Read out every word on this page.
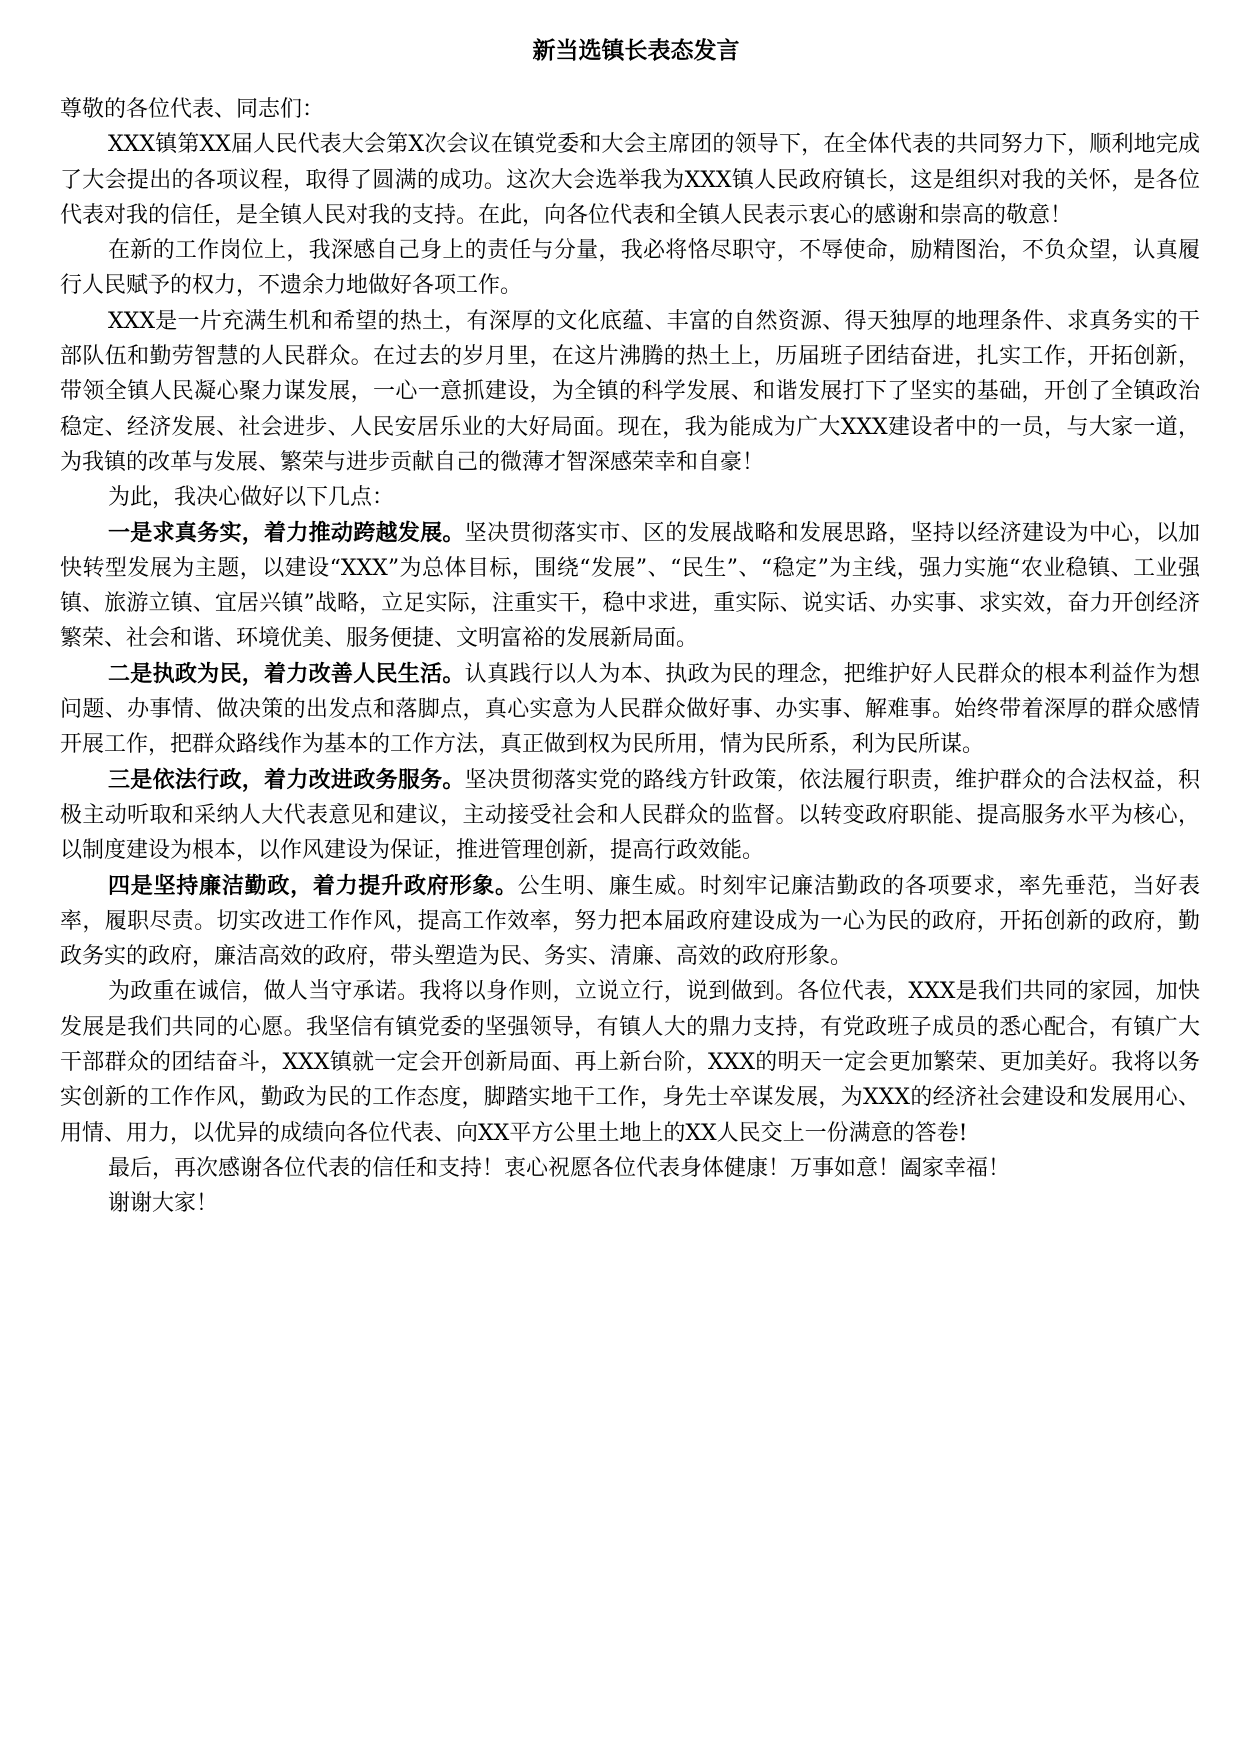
新当选镇长表态发言

尊敬的各位代表、同志们：

XXX镇第XX届人民代表大会第X次会议在镇党委和大会主席团的领导下，在全体代表的共同努力下，顺利地完成了大会提出的各项议程，取得了圆满的成功。这次大会选举我为XXX镇人民政府镇长，这是组织对我的关怀，是各位代表对我的信任，是全镇人民对我的支持。在此，向各位代表和全镇人民表示衷心的感谢和崇高的敬意！

在新的工作岗位上，我深感自己身上的责任与分量，我必将恪尽职守，不辱使命，励精图治，不负众望，认真履行人民赋予的权力，不遗余力地做好各项工作。

XXX是一片充满生机和希望的热土，有深厚的文化底蕴、丰富的自然资源、得天独厚的地理条件、求真务实的干部队伍和勤劳智慧的人民群众。在过去的岁月里，在这片沸腾的热土上，历届班子团结奋进，扎实工作，开拓创新，带领全镇人民凝心聚力谋发展，一心一意抓建设，为全镇的科学发展、和谐发展打下了坚实的基础，开创了全镇政治稳定、经济发展、社会进步、人民安居乐业的大好局面。现在，我为能成为广大XXX建设者中的一员，与大家一道，为我镇的改革与发展、繁荣与进步贡献自己的微薄才智深感荣幸和自豪！

为此，我决心做好以下几点：

一是求真务实，着力推动跨越发展。坚决贯彻落实市、区的发展战略和发展思路，坚持以经济建设为中心，以加快转型发展为主题，以建设“XXX”为总体目标，围绕“发展”、“民生”、“稳定”为主线，强力实施“农业稳镇、工业强镇、旅游立镇、宜居兴镇”战略，立足实际，注重实干，稳中求进，重实际、说实话、办实事、求实效，奋力开创经济繁荣、社会和谐、环境优美、服务便捷、文明富裕的发展新局面。

二是执政为民，着力改善人民生活。认真践行以人为本、执政为民的理念，把维护好人民群众的根本利益作为想问题、办事情、做决策的出发点和落脚点，真心实意为人民群众做好事、办实事、解难事。始终带着深厚的群众感情开展工作，把群众路线作为基本的工作方法，真正做到权为民所用，情为民所系，利为民所谋。

三是依法行政，着力改进政务服务。坚决贯彻落实党的路线方针政策，依法履行职责，维护群众的合法权益，积极主动听取和采纳人大代表意见和建议，主动接受社会和人民群众的监督。以转变政府职能、提高服务水平为核心，以制度建设为根本，以作风建设为保证，推进管理创新，提高行政效能。

四是坚持廉洁勤政，着力提升政府形象。公生明、廉生威。时刻牢记廉洁勤政的各项要求，率先垂范，当好表率，履职尽责。切实改进工作作风，提高工作效率，努力把本届政府建设成为一心为民的政府，开拓创新的政府，勤政务实的政府，廉洁高效的政府，带头塑造为民、务实、清廉、高效的政府形象。

为政重在诚信，做人当守承诺。我将以身作则，立说立行，说到做到。各位代表，XXX是我们共同的家园，加快发展是我们共同的心愿。我坚信有镇党委的坚强领导，有镇人大的鼎力支持，有党政班子成员的悉心配合，有镇广大干部群众的团结奋斗，XXX镇就一定会开创新局面、再上新台阶，XXX的明天一定会更加繁荣、更加美好。我将以务实创新的工作作风，勤政为民的工作态度，脚踏实地干工作，身先士卒谋发展，为XXX的经济社会建设和发展用心、用情、用力，以优异的成绩向各位代表、向XX平方公里土地上的XX人民交上一份满意的答卷!

最后，再次感谢各位代表的信任和支持！衷心祝愿各位代表身体健康！万事如意！阖家幸福！

谢谢大家！
